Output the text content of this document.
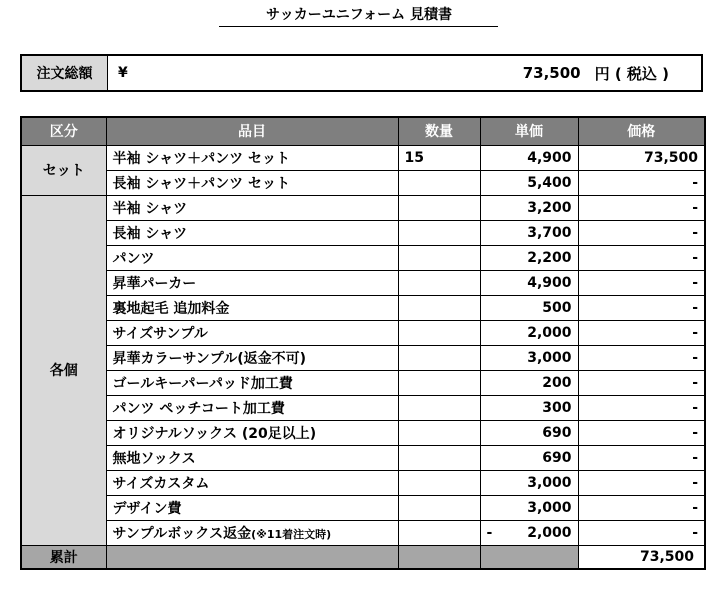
サッカーユニフォーム 見積書
注文総額	¥	73,500 円 ( 税込 )
区分	品目	数量	単価	価格
セット	半袖 シャツ＋パンツ セット	15	4,900	73,500
	長袖 シャツ＋パンツ セット		5,400	-
各個	半袖 シャツ		3,200	-
	長袖 シャツ		3,700	-
	パンツ		2,200	-
	昇華パーカー		4,900	-
	裏地起毛 追加料金		500	-
	サイズサンプル		2,000	-
	昇華カラーサンプル(返金不可)		3,000	-
	ゴールキーパーパッド加工費		200	-
	パンツ ペッチコート加工費		300	-
	オリジナルソックス (20足以上)		690	-
	無地ソックス		690	-
	サイズカスタム		3,000	-
	デザイン費		3,000	-
	サンプルボックス返金(※11着注文時)		- 2,000	-
累計				73,500
